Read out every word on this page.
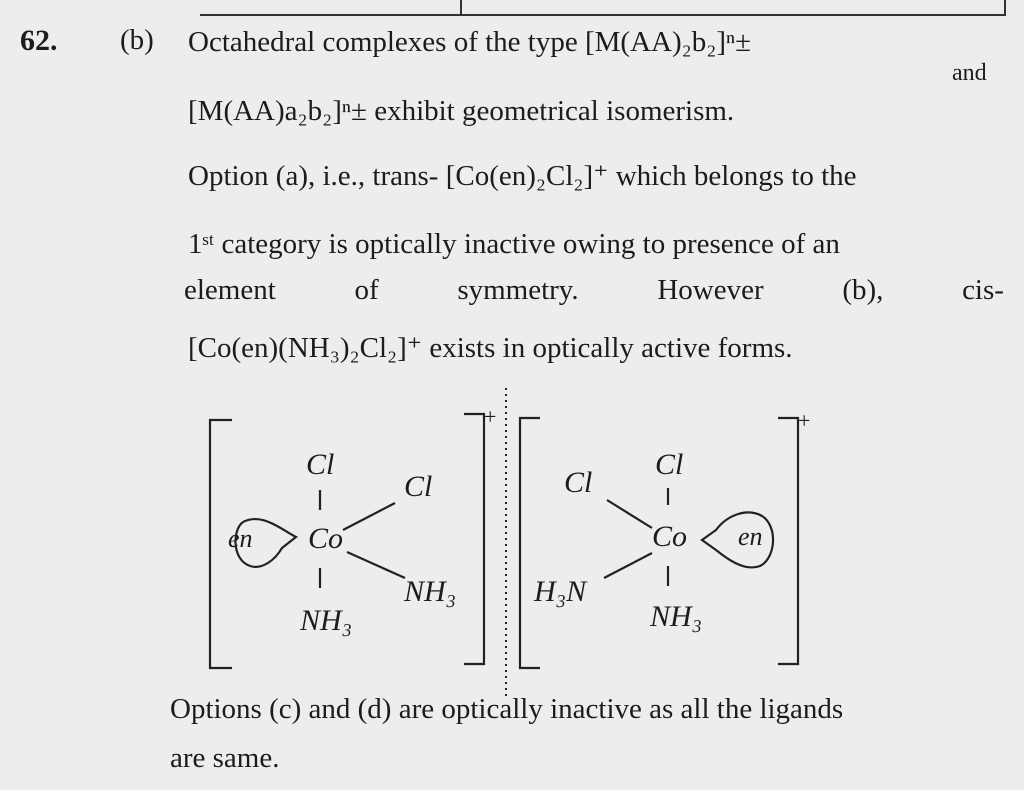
62. (b) Octahedral complexes of the type [M(AA)₂b₂]ⁿ±
and
[M(AA)a₂b₂]ⁿ± exhibit geometrical isomerism.
Option (a), i.e., trans- [Co(en)₂Cl₂]⁺ which belongs to the
1ˢᵗ category is optically inactive owing to presence of an
element	of	symmetry.	However	(b),	cis-
[Co(en)(NH₃)₂Cl₂]⁺ exists in optically active forms.
Cl
Cl
Co
en
NH₃
NH₃
+
Cl
Cl
Co en
H₃N
NH₃
+
Options (c) and (d) are optically inactive as all the ligands
are same.
